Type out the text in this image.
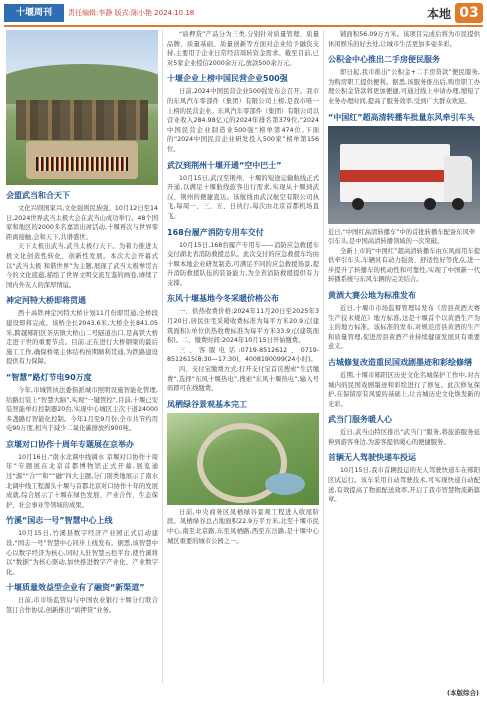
十堰周刊	责任编辑:李静 版式:陈小艳 2024.10.18	本地 03
会盟武当和合天下

文化兴则国家兴,文化强则民族强。10月12日至14日,2024世界武当太极大会在武当山成功举行。48个国家和地区的2000多名嘉宾出席活动,十堰再次与世界零距离接触,会和天下,共谱盛世。

天下太极出武当,武当太极行天下。为着力推进太极文化创造性转化、创新性发展。本次大会开幕式以“武当太极 和谐世界”为主题,展现了武当太极拳贯古今的文化底蕴,描绘了世界文明交流互鉴的画卷,赓续了国内外友人的深厚情谊。

神定河特大桥即将贯通

西十高铁神定河特大桥计划11月份即贯通,全桥段建设即将完成。该桥全长2043.6米,大桥全长841.05米,跨越郧阳区茶店镇大桥山二号隧道出口,是高铁大桥走进干世的重要节点。目前,正在进行大桥钢梁的最后施工工作,确保桥梁主体结构按期顺利贯通,为铁路建设提供有力保障。

“智慧”路灯节电90万度

今年,市城管执法委指派城市照明设施智能化管理,给路灯装上“智慧大脑”,实现“一键管控”,目前,十堰已安装智能单灯控制器20台,实现中心城区主次干道24000多盏路灯智能化控制。今年1月至9月份,全市共节约用电90万度,相当于减少二氧化碳排放约900吨。

京堰对口协作十周年专题展在京举办

10月16日,“南水北调中线调水 京堰对口协作十周年”专题展在北京首都博物馆正式开幕,展览通过“源”“合”“和”“融”四大主题,分门别类地展示了南水北调中线工程源头十堰与首都北京对口协作十年的发展成就,综合展示了十堰在绿色发展、产业合作、生态保护、社会事业等领域的成果。

竹溪“国志一号”智慧中心上线

10月15日,竹溪县数字经济产业园正式启动建设,“国志一号”智慧中心同步上线发布。据悉,该智慧中心以数字经济为核心,同时入驻智慧云控平台,使竹溪将以“数据”为核心驱动,加快推进数字产业化、产业数字化。

十堰质量效益型企业有了融资“新渠道”

日前,市市场监管局与中国农业银行十堰分行联合签订合作协议,创新推出“质押贷”业务。

“质押贷”产品分为三类,分别针对质量管理、质量品牌、质量基础、质量创新等方面对企业给予融资支持,主要用于企业日常经营周转资金需求。截至目前,已对5家企业授信2000余万元,放款500余万元。

十堰企业上榜中国民营企业500强

日前,2024中国民营企业500强发布会召开。我市的东风汽车零部件（集团）有限公司上榜,是我市唯一上榜的民营企业。东风汽车零部件（集团）有限公司以营业收入284.98亿元的2024年排名第379位,“2024中国民营企业制造业500强”榜单第474位,下面的“2024中国民营企业研发投入500家”榜单第156位。

武汉到荆州十堰开通“空中巴士”

10月15日,武汉至荆州、十堰的短途运输航线正式开通,以满足十堰航线旅客出行需求,实现从十堰到武汉、荆州的便捷直达。该航线由武汉航空有限公司执飞,每周一、三、五、日执行,每次由北京首都机场直飞。

168台履产消防专用车交付

10月15日,168台履产专用车——消防应急救援车交付湖北省消防救援总队。此次交付的应急救援车均由十堰本地企业研发制造,可满足不同的应急救援场景,提升消防救援队伍的装备能力,为全省消防救援提供有力支撑。

东风十堰基地今冬采暖价格公布

一、供热收费价格:2024年11月20日至2025年3月20日,居民住宅采暖收费标准为每平方米20.9元(建筑面积);单位供热收费标准为每平方米33.9元(建筑面积)。二、缴费时间:2024年10月15日开始缴费。

三、客服电话:0719-8512612、0719-8512615(8:30—17:30)、4008190099(24小时)。

四、支付宝缴费方式:打开支付宝首页搜索“生活缴费”,选择“东风十堰热电”,搜索“东风十堰热电”,输入号码即可在线缴费。

凤栖绿谷景观基本完工

日前,中央商务区凤栖绿谷景观工程进入收尾阶段。凤栖绿谷总占地面积22.9万平方米,北至十堰市民中心,南至北京路,东至凤栖路,西至东岳路,是十堰中心城区重要的城市公园之一。

铺面积56.09万方米。该项目完成后将为市民提供休闲娱乐的好去处,让城市生活更加多姿多彩。

公积金中心推出二手房便民服务

即日起,我市推出“公积金+二手房贷款”便民服务,为购房职工提供便利。据悉,该服务推出后,购房职工办理公积金贷款将更加便捷,可通过线上申请办理,缩短了业务办理时间,提高了服务效率,受到广大群众欢迎。

“中国红”超高清转播车批量东风牵引车头
近日,“中国红高清转播车”中的首批转播车配备东风牵引车头,是中国高清转播领域的一次突破。

全新上市的“中国红”超高清转播车由东风商用车提供牵引车头,车辆具有动力强劲、舒适性好等优点,进一步提升了转播车的机动性和可靠性,实现了中国新一代转播系统与东风车辆的完美结合。

黄酒大赛公地为标准发布

近日,十堰市市场监督管理局发布《房县黄酒大赛生产技术规范》地方标准,这是十堰首个以黄酒生产为主的地方标准。该标准的发布,对规范房县黄酒的生产和质量管理,促进房县黄酒产业持续健康发展具有重要意义。

古城修复改造重民国戏剧墨迹和彩绘修缮

近期,十堰市郧阳区历史文化名城保护工作中,对古城内的民国戏剧墨迹和彩绘进行了修复。此次修复保护,在保留原有风貌的基础上,让古城历史文化焕发新的光彩。

武当门服务暖人心

近日,武当山特区推出“武当门”服务,将旅游服务延伸到游客身边,为游客提供暖心的便捷服务。

首辆无人驾驶快递车投运

10月15日,我市首辆投运的无人驾驶快递车在郧阳区试运行。该车采用自动驾驶技术,可实现快递自动配送,有效提高了物流配送效率,开启了我市智慧物流新篇章。

(本版综合)
